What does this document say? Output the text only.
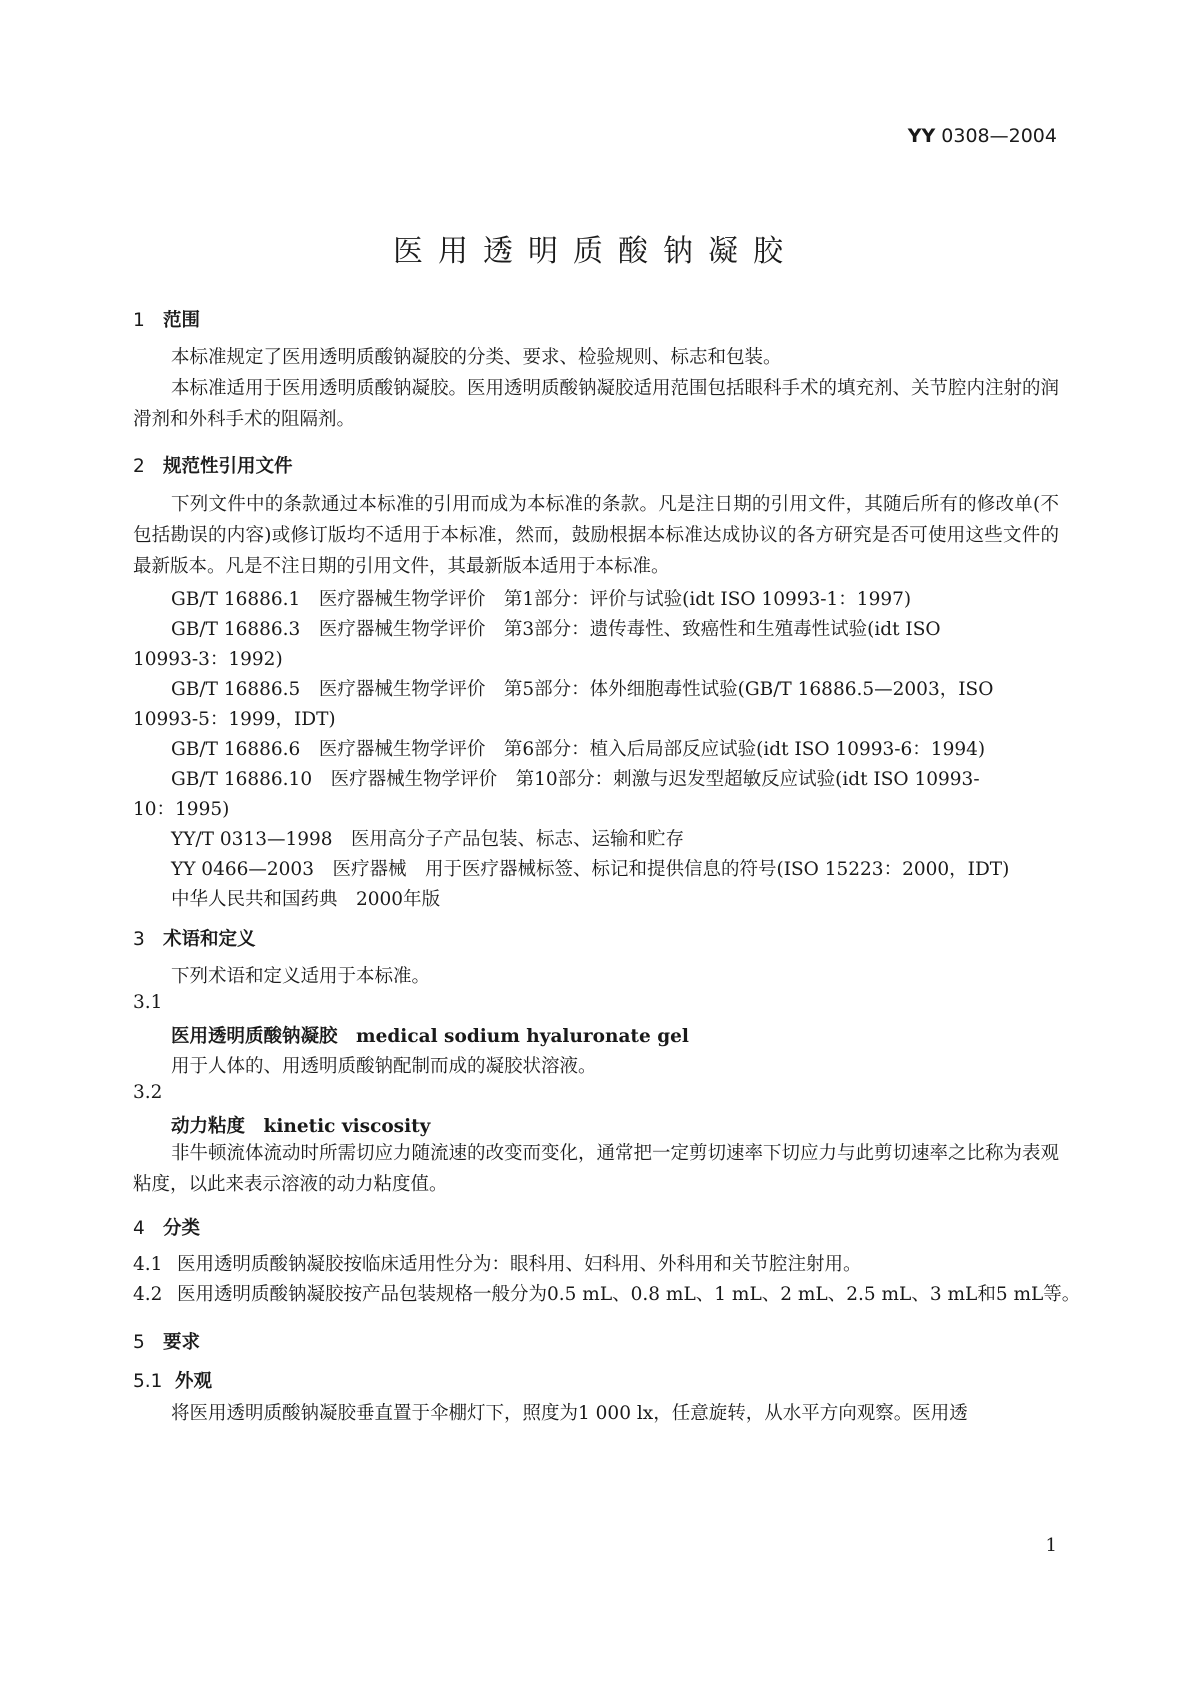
YY 0308—2004
医用透明质酸钠凝胶
1 范围
本标准规定了医用透明质酸钠凝胶的分类、要求、检验规则、标志和包装。
本标准适用于医用透明质酸钠凝胶。医用透明质酸钠凝胶适用范围包括眼科手术的填充剂、关节腔内注射的润滑剂和外科手术的阻隔剂。
2 规范性引用文件
下列文件中的条款通过本标准的引用而成为本标准的条款。凡是注日期的引用文件，其随后所有的修改单(不包括勘误的内容)或修订版均不适用于本标准，然而，鼓励根据本标准达成协议的各方研究是否可使用这些文件的最新版本。凡是不注日期的引用文件，其最新版本适用于本标准。
GB/T 16886.1　医疗器械生物学评价　第1部分：评价与试验(idt ISO 10993-1：1997)
GB/T 16886.3　医疗器械生物学评价　第3部分：遗传毒性、致癌性和生殖毒性试验(idt ISO
10993-3：1992)
GB/T 16886.5　医疗器械生物学评价　第5部分：体外细胞毒性试验(GB/T 16886.5—2003，ISO
10993-5：1999，IDT)
GB/T 16886.6　医疗器械生物学评价　第6部分：植入后局部反应试验(idt ISO 10993-6：1994)
GB/T 16886.10　医疗器械生物学评价　第10部分：刺激与迟发型超敏反应试验(idt ISO 10993-
10：1995)
YY/T 0313—1998　医用高分子产品包装、标志、运输和贮存
YY 0466—2003　医疗器械　用于医疗器械标签、标记和提供信息的符号(ISO 15223：2000，IDT)
中华人民共和国药典　2000年版
3 术语和定义
下列术语和定义适用于本标准。
3.1
医用透明质酸钠凝胶　 medical sodium hyaluronate gel
用于人体的、用透明质酸钠配制而成的凝胶状溶液。
3.2
动力粘度　 kinetic viscosity
非牛顿流体流动时所需切应力随流速的改变而变化，通常把一定剪切速率下切应力与此剪切速率之比称为表观粘度，以此来表示溶液的动力粘度值。
4 分类
4.1 医用透明质酸钠凝胶按临床适用性分为：眼科用、妇科用、外科用和关节腔注射用。
4.2 医用透明质酸钠凝胶按产品包装规格一般分为0.5 mL、0.8 mL、1 mL、2 mL、2.5 mL、3 mL和5 mL等。
5 要求
5.1 外观
将医用透明质酸钠凝胶垂直置于伞棚灯下，照度为1 000 lx，任意旋转，从水平方向观察。医用透
1
